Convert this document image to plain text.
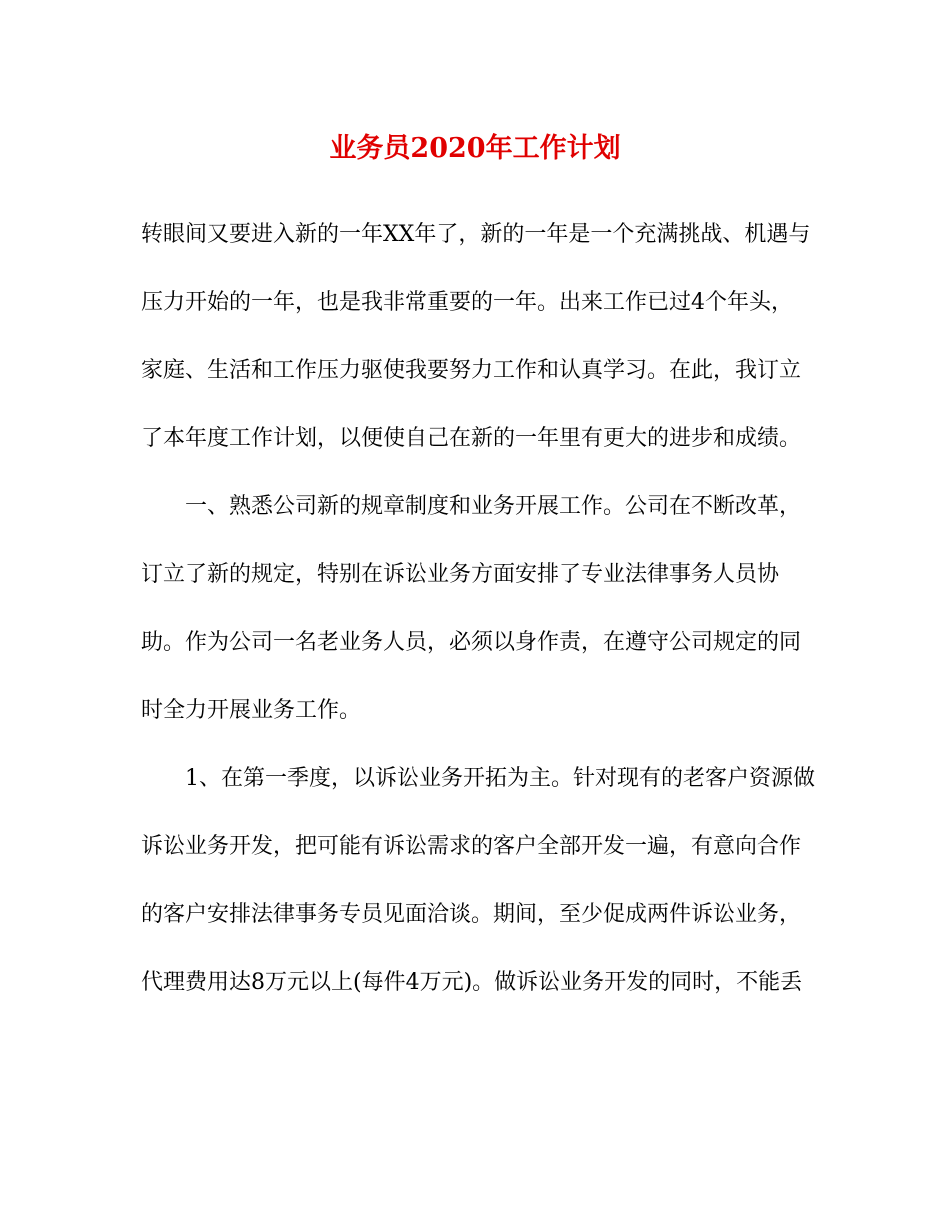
业务员2020年工作计划
转眼间又要进入新的一年XX年了，新的一年是一个充满挑战、机遇与
压力开始的一年，也是我非常重要的一年。出来工作已过4个年头，
家庭、生活和工作压力驱使我要努力工作和认真学习。在此，我订立
了本年度工作计划，以便使自己在新的一年里有更大的进步和成绩。
一、熟悉公司新的规章制度和业务开展工作。公司在不断改革，
订立了新的规定，特别在诉讼业务方面安排了专业法律事务人员协
助。作为公司一名老业务人员，必须以身作责，在遵守公司规定的同
时全力开展业务工作。
1、在第一季度，以诉讼业务开拓为主。针对现有的老客户资源做
诉讼业务开发，把可能有诉讼需求的客户全部开发一遍，有意向合作
的客户安排法律事务专员见面洽谈。期间，至少促成两件诉讼业务，
代理费用达8万元以上(每件4万元)。做诉讼业务开发的同时，不能丢
